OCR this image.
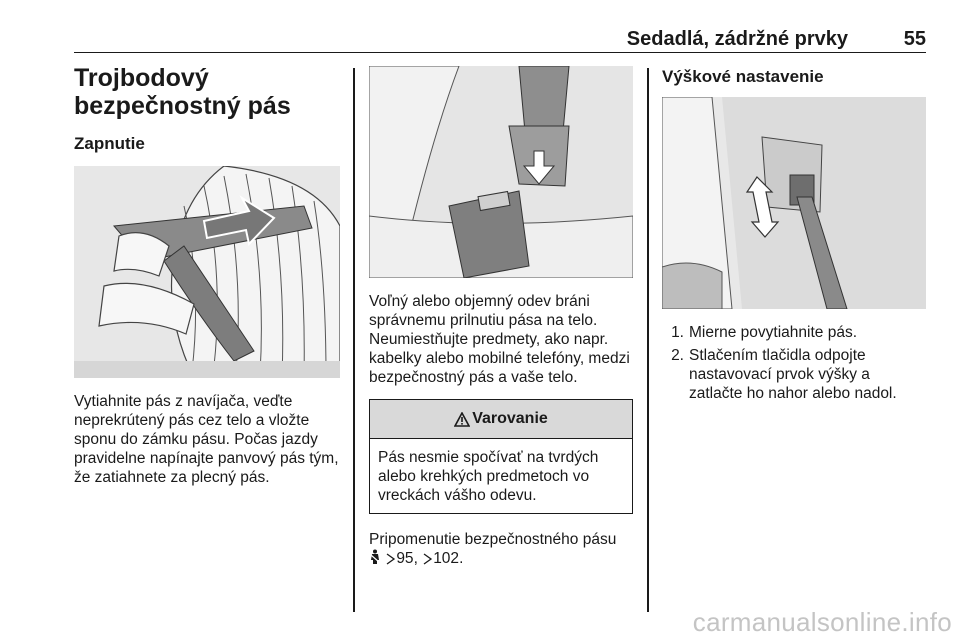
Sedadlá, zádržné prvky	55
Trojbodový bezpečnostný pás
Zapnutie

Vytiahnite pás z navíjača, veďte neprekrútený pás cez telo a vložte sponu do zámku pásu. Počas jazdy pravidelne napínajte panvový pás tým, že zatiahnete za plecný pás.

Voľný alebo objemný odev bráni správnemu prilnutiu pása na telo. Neumiestňujte predmety, ako napr. kabelky alebo mobilné telefóny, medzi bezpečnostný pás a vaše telo.

Varovanie
Pás nesmie spočívať na tvrdých alebo krehkých predmetoch vo vreckách vášho odevu.
Pripomenutie bezpečnostného pásu
95, 102.
Výškové nastavenie
1. Mierne povytiahnite pás.
2. Stlačením tlačidla odpojte nastavovací prvok výšky a zatlačte ho nahor alebo nadol.
carmanualsonline.info
